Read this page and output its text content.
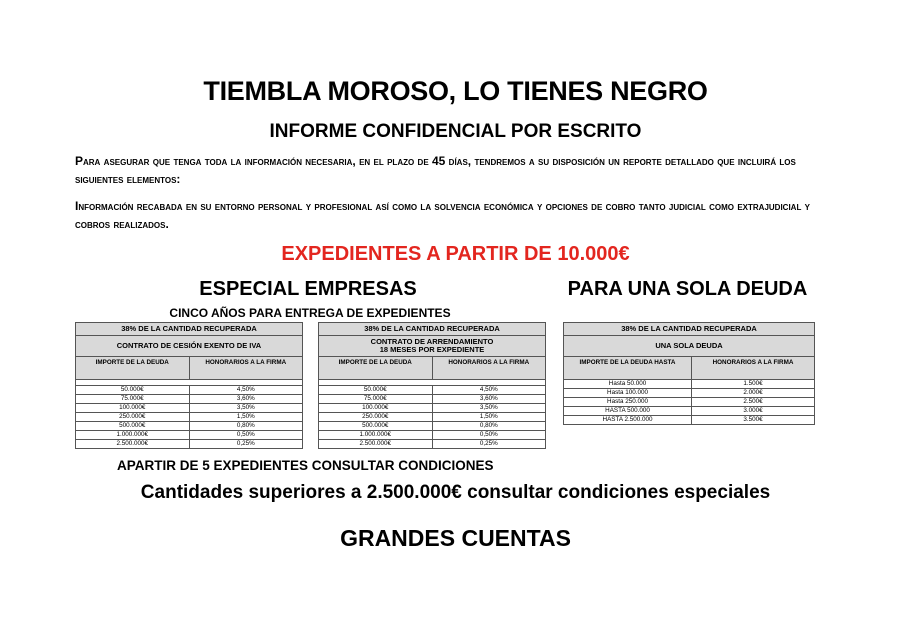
TIEMBLA MOROSO, LO TIENES NEGRO
INFORME CONFIDENCIAL POR ESCRITO
Para asegurar que tenga toda la información necesaria, en el plazo de 45 días, tendremos a su disposición un reporte detallado que incluirá los siguientes elementos:
Información recabada en su entorno personal y profesional así como la solvencia económica y opciones de cobro tanto judicial como extrajudicial y cobros realizados.
EXPEDIENTES A PARTIR DE 10.000€
ESPECIAL EMPRESAS	PARA UNA SOLA DEUDA
CINCO AÑOS PARA ENTREGA DE EXPEDIENTES
38% DE LA CANTIDAD RECUPERADA	
CONTRATO DE CESIÓN EXENTO DE IVA	
IMPORTE DE LA DEUDA	HONORARIOS A LA FIRMA

50.000€	4,50%
75.000€	3,60%
100.000€	3,50%
250.000€	1,50%
500.000€	0,80%
1.000.000€	0,50%
2.500.000€	0,25%
38% DE LA CANTIDAD RECUPERADA	
CONTRATO DE ARRENDAMIENTO
18 MESES POR EXPEDIENTE	
IMPORTE DE LA DEUDA	HONORARIOS A LA FIRMA

50.000€	4,50%
75.000€	3,60%
100.000€	3,50%
250.000€	1,50%
500.000€	0,80%
1.000.000€	0,50%
2.500.000€	0,25%
38% DE LA CANTIDAD RECUPERADA	
UNA SOLA DEUDA	
IMPORTE DE LA DEUDA HASTA	HONORARIOS A LA FIRMA
Hasta 50.000	1.500€
Hasta 100.000	2.000€
Hasta 250.000	2.500€
HASTA 500.000	3.000€
HASTA 2.500.000	3.500€
APARTIR DE 5 EXPEDIENTES CONSULTAR CONDICIONES
Cantidades superiores a 2.500.000€ consultar condiciones especiales
GRANDES CUENTAS
